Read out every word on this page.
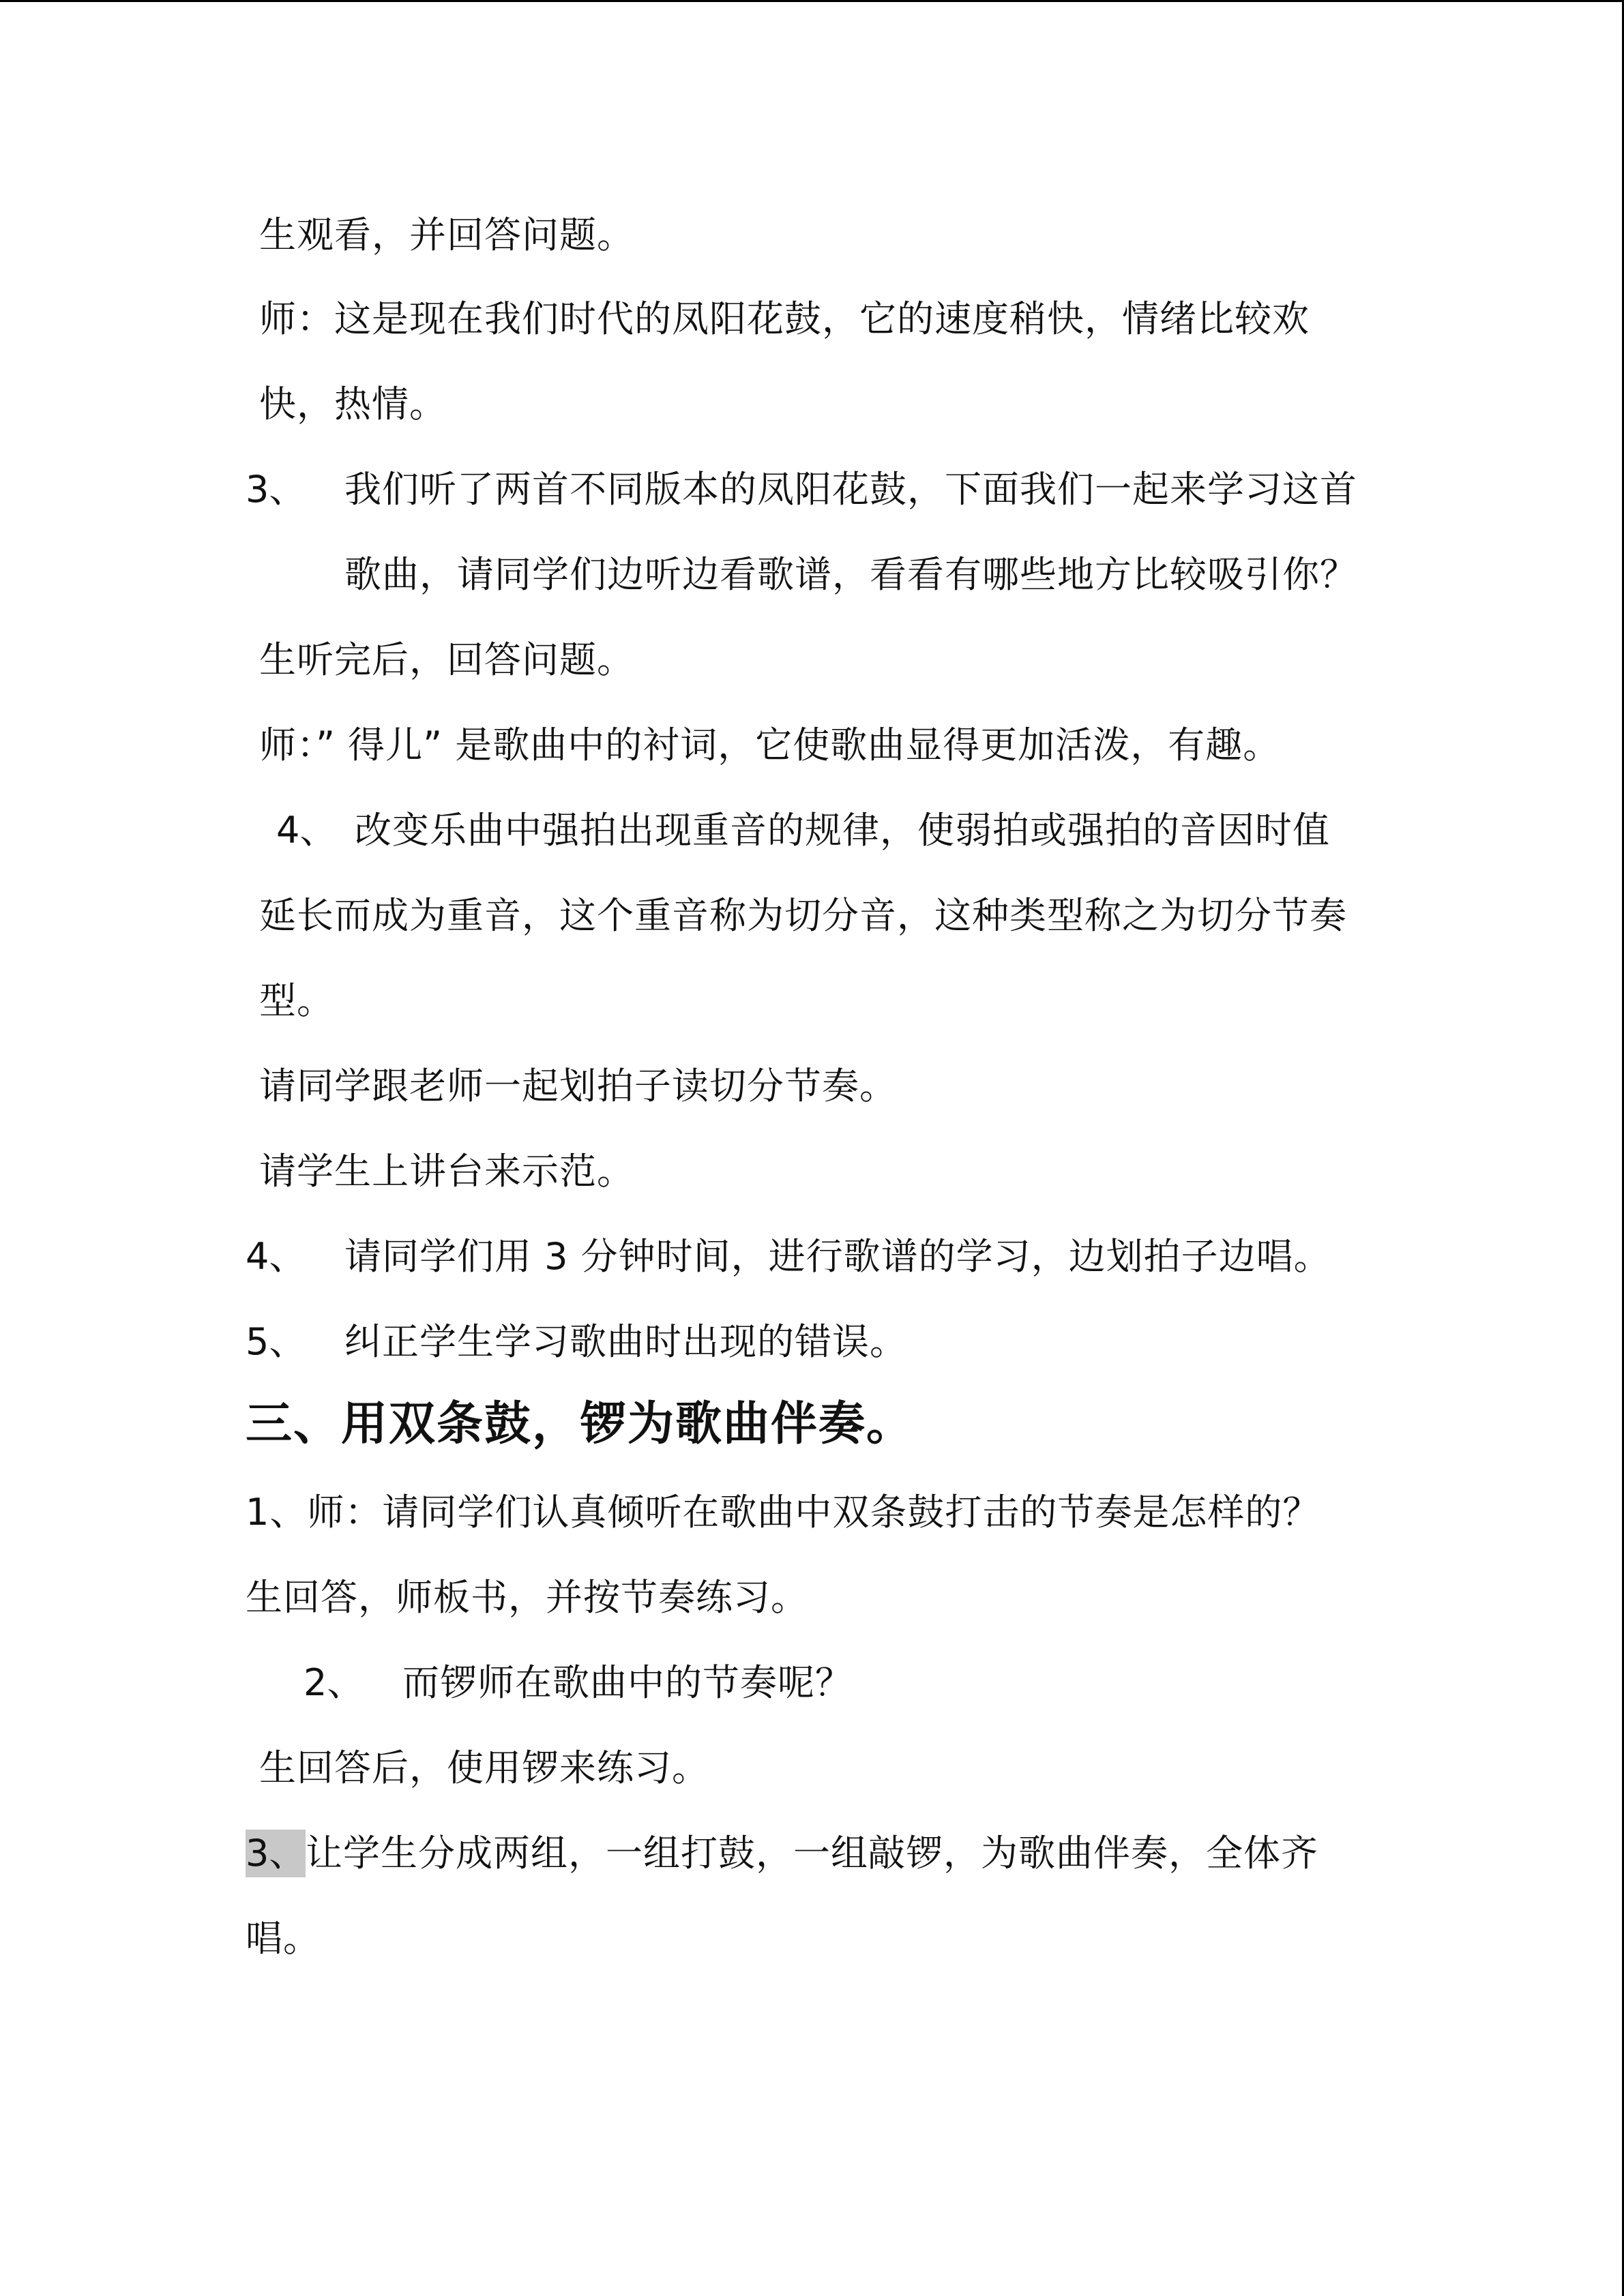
生观看，并回答问题。
师：这是现在我们时代的凤阳花鼓，它的速度稍快，情绪比较欢
快，热情。
3、 我们听了两首不同版本的凤阳花鼓，下面我们一起来学习这首
歌曲，请同学们边听边看歌谱，看看有哪些地方比较吸引你？
生听完后，回答问题。
师：” 得儿” 是歌曲中的衬词，它使歌曲显得更加活泼，有趣。
4、 改变乐曲中强拍出现重音的规律，使弱拍或强拍的音因时值
延长而成为重音，这个重音称为切分音，这种类型称之为切分节奏
型。
请同学跟老师一起划拍子读切分节奏。
请学生上讲台来示范。
4、 请同学们用 3 分钟时间，进行歌谱的学习，边划拍子边唱。
5、 纠正学生学习歌曲时出现的错误。
三、用双条鼓，锣为歌曲伴奏。
1、师：请同学们认真倾听在歌曲中双条鼓打击的节奏是怎样的？
生回答，师板书，并按节奏练习。
2、 而锣师在歌曲中的节奏呢？
生回答后，使用锣来练习。
3、 让学生分成两组，一组打鼓，一组敲锣，为歌曲伴奏，全体齐
唱。
